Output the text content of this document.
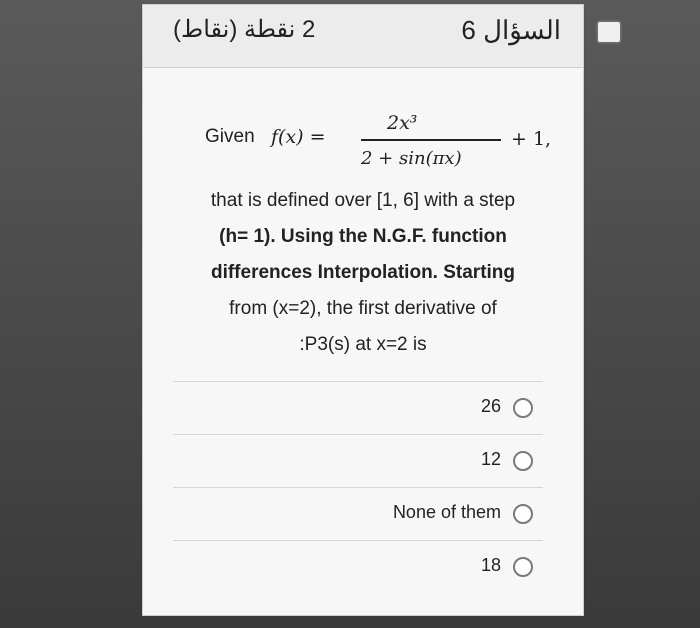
2 نقطة (نقاط)	السؤال 6
Given f(x) =
2x³
2 + sin(πx)
+ 1,
that is defined over [1, 6] with a step
(h= 1). Using the N.G.F. function
differences Interpolation. Starting
from (x=2), the first derivative of
:P3(s) at x=2 is
26
12
None of them
18
